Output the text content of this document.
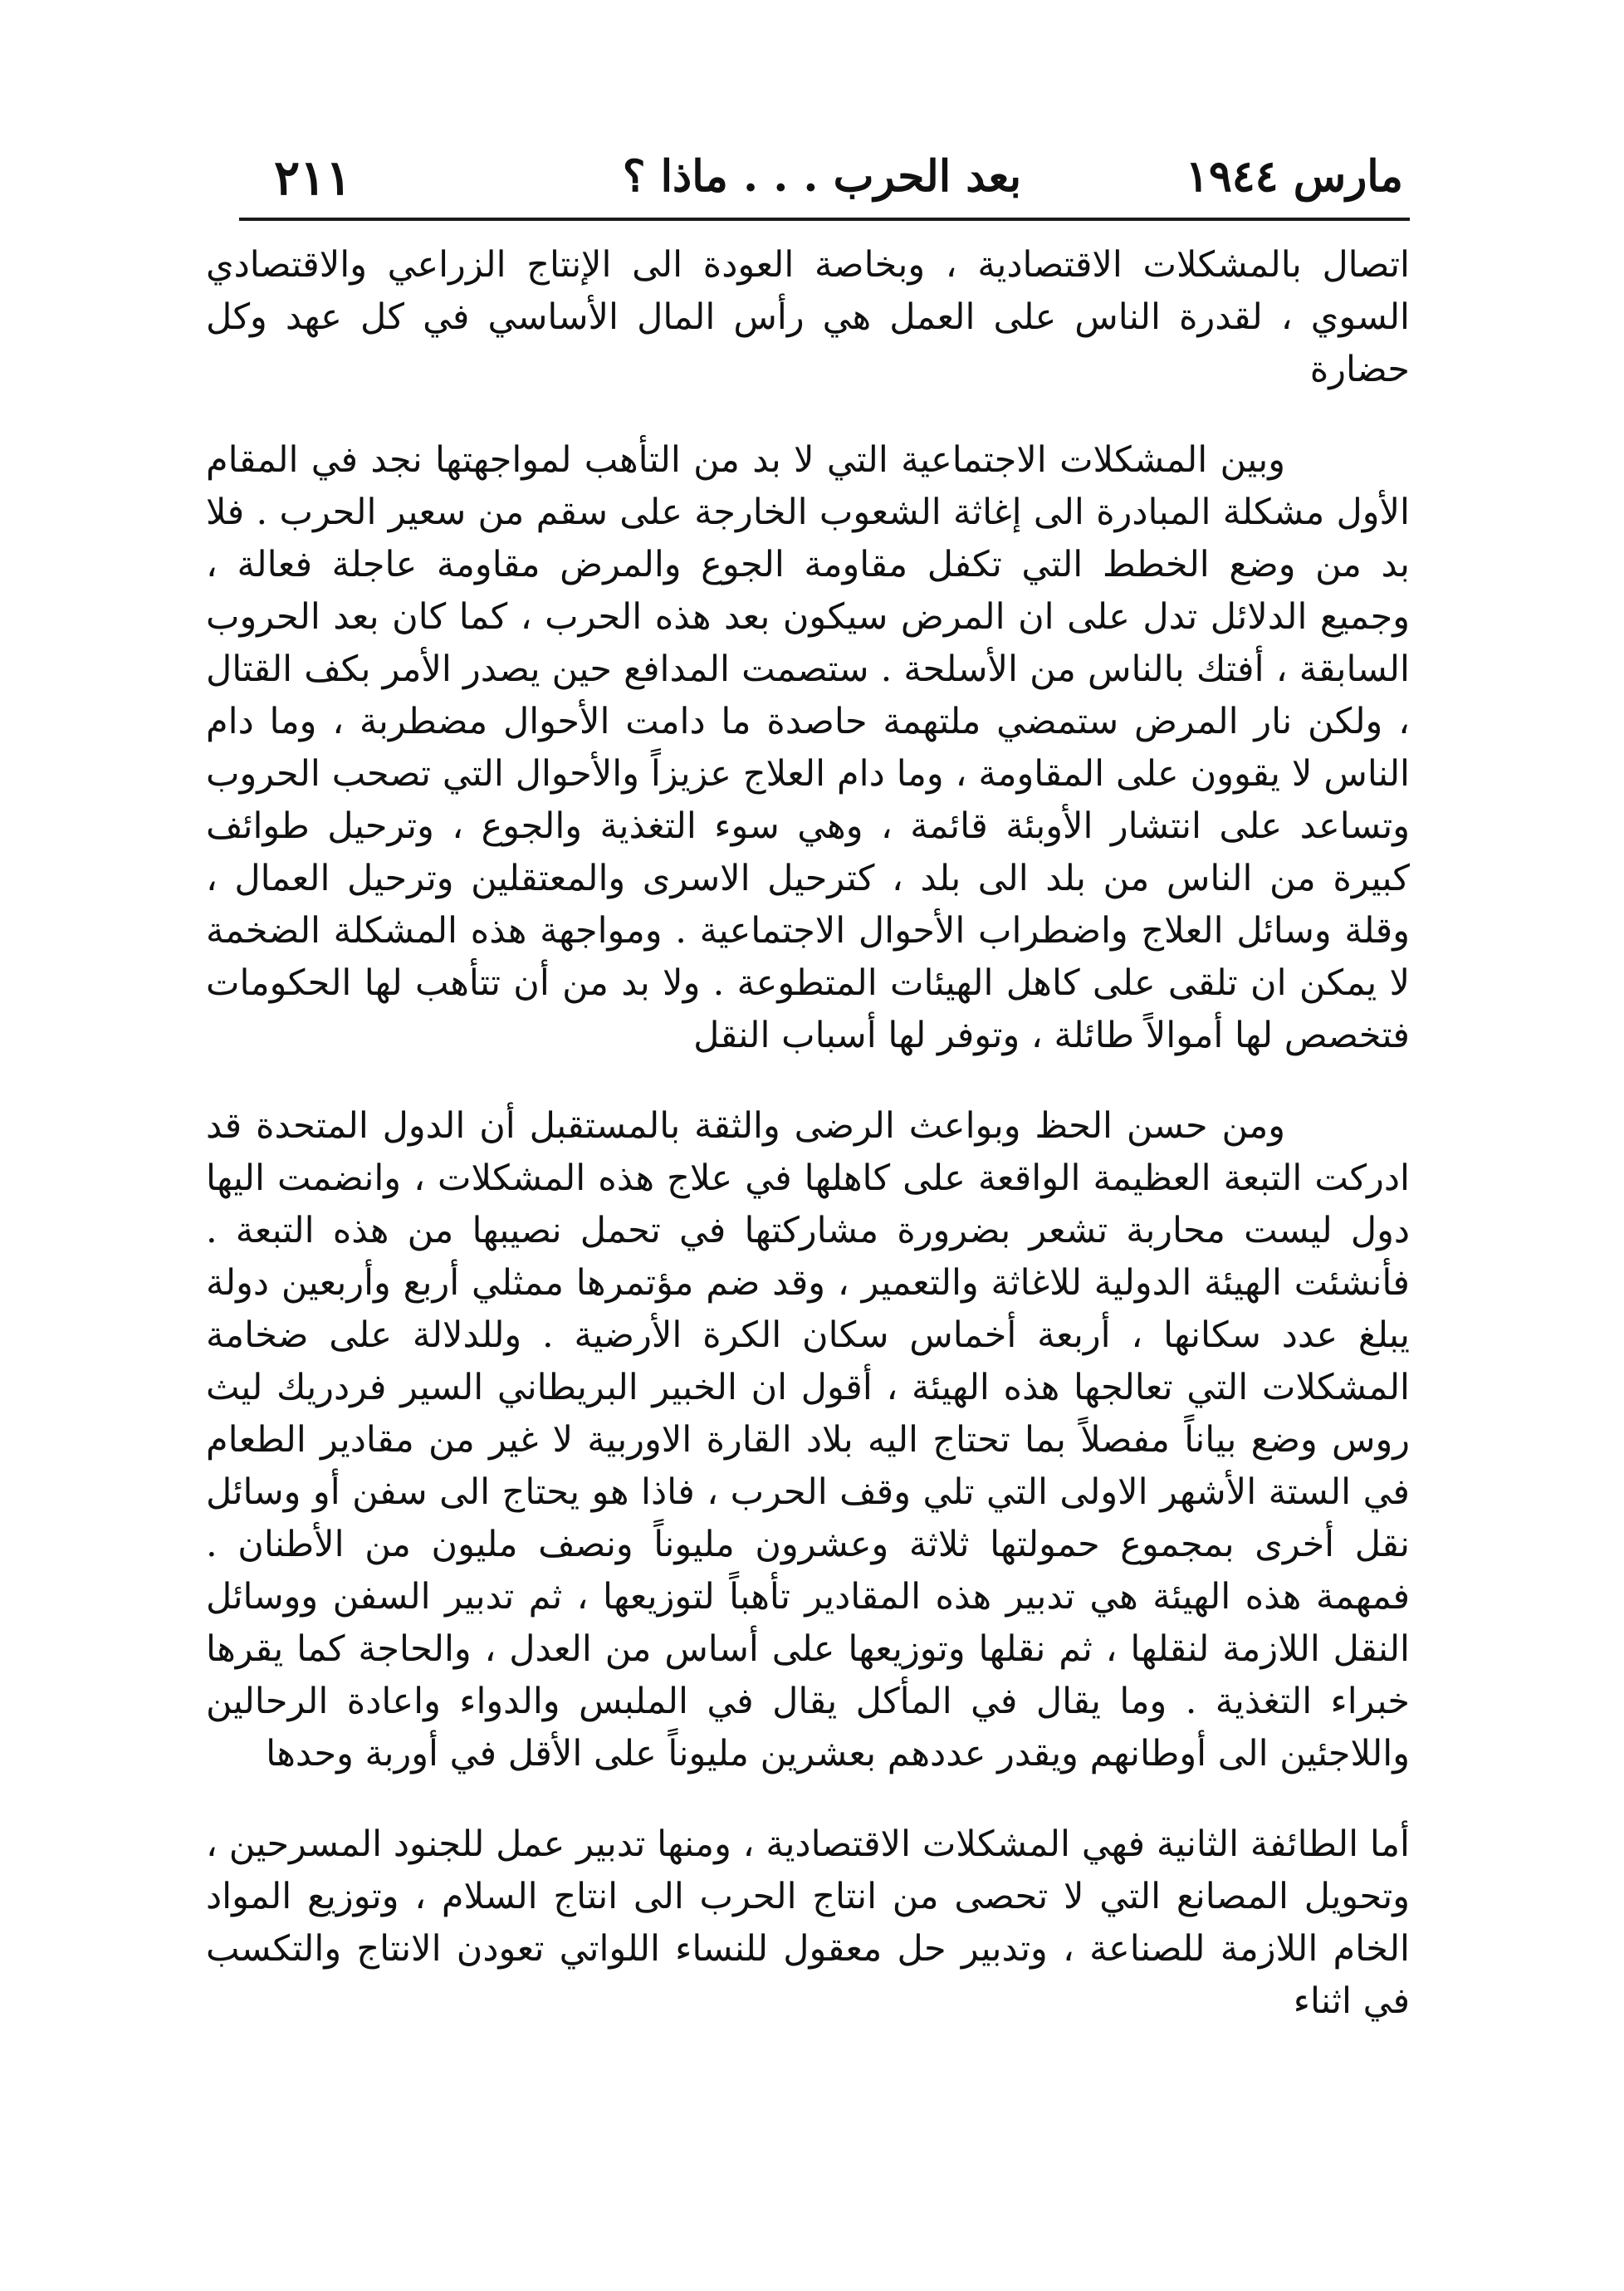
٢١١	بعد الحرب . . . ماذا ؟	مارس ١٩٤٤

اتصال بالمشكلات الاقتصادية ، وبخاصة العودة الى الإنتاج الزراعي والاقتصادي السوي ، لقدرة الناس على العمل هي رأس المال الأساسي في كل عهد وكل حضارة

وبين المشكلات الاجتماعية التي لا بد من التأهب لمواجهتها نجد في المقام الأول مشكلة المبادرة الى إغاثة الشعوب الخارجة على سقم من سعير الحرب . فلا بد من وضع الخطط التي تكفل مقاومة الجوع والمرض مقاومة عاجلة فعالة ، وجميع الدلائل تدل على ان المرض سيكون بعد هذه الحرب ، كما كان بعد الحروب السابقة ، أفتك بالناس من الأسلحة . ستصمت المدافع حين يصدر الأمر بكف القتال ، ولكن نار المرض ستمضي ملتهمة حاصدة ما دامت الأحوال مضطربة ، وما دام الناس لا يقوون على المقاومة ، وما دام العلاج عزيزاً والأحوال التي تصحب الحروب وتساعد على انتشار الأوبئة قائمة ، وهي سوء التغذية والجوع ، وترحيل طوائف كبيرة من الناس من بلد الى بلد ، كترحيل الاسرى والمعتقلين وترحيل العمال ، وقلة وسائل العلاج واضطراب الأحوال الاجتماعية . ومواجهة هذه المشكلة الضخمة لا يمكن ان تلقى على كاهل الهيئات المتطوعة . ولا بد من أن تتأهب لها الحكومات فتخصص لها أموالاً طائلة ، وتوفر لها أسباب النقل

ومن حسن الحظ وبواعث الرضى والثقة بالمستقبل أن الدول المتحدة قد ادركت التبعة العظيمة الواقعة على كاهلها في علاج هذه المشكلات ، وانضمت اليها دول ليست محاربة تشعر بضرورة مشاركتها في تحمل نصيبها من هذه التبعة . فأنشئت الهيئة الدولية للاغاثة والتعمير ، وقد ضم مؤتمرها ممثلي أربع وأربعين دولة يبلغ عدد سكانها ، أربعة أخماس سكان الكرة الأرضية . وللدلالة على ضخامة المشكلات التي تعالجها هذه الهيئة ، أقول ان الخبير البريطاني السير فردريك ليث روس وضع بياناً مفصلاً بما تحتاج اليه بلاد القارة الاوربية لا غير من مقادير الطعام في الستة الأشهر الاولى التي تلي وقف الحرب ، فاذا هو يحتاج الى سفن أو وسائل نقل أخرى بمجموع حمولتها ثلاثة وعشرون مليوناً ونصف مليون من الأطنان . فمهمة هذه الهيئة هي تدبير هذه المقادير تأهباً لتوزيعها ، ثم تدبير السفن ووسائل النقل اللازمة لنقلها ، ثم نقلها وتوزيعها على أساس من العدل ، والحاجة كما يقرها خبراء التغذية . وما يقال في المأكل يقال في الملبس والدواء واعادة الرحالين واللاجئين الى أوطانهم ويقدر عددهم بعشرين مليوناً على الأقل في أوربة وحدها

أما الطائفة الثانية فهي المشكلات الاقتصادية ، ومنها تدبير عمل للجنود المسرحين ، وتحويل المصانع التي لا تحصى من انتاج الحرب الى انتاج السلام ، وتوزيع المواد الخام اللازمة للصناعة ، وتدبير حل معقول للنساء اللواتي تعودن الانتاج والتكسب في اثناء
